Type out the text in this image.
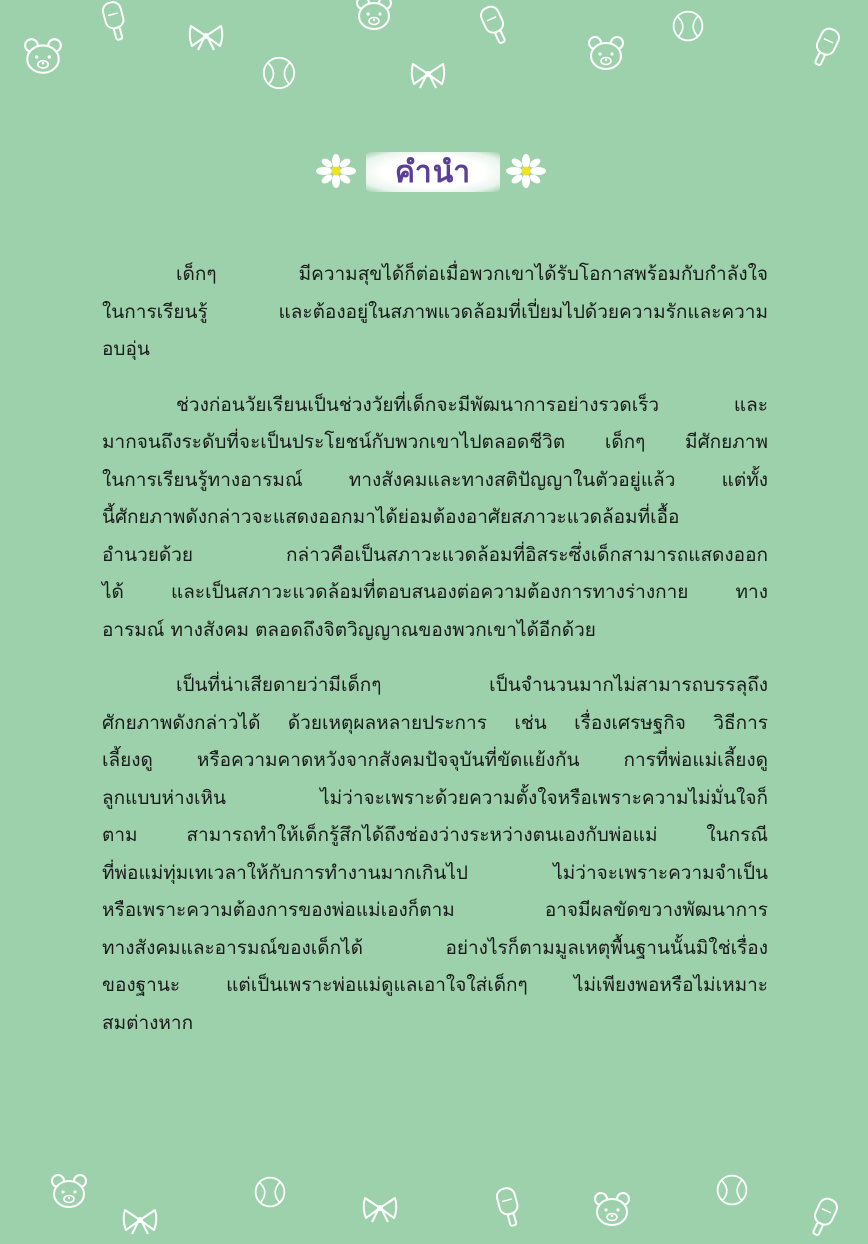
คำนำ
เด็กๆ มีความสุขได้ก็ต่อเมื่อพวกเขาได้รับโอกาสพร้อมกับกำลังใจ
ในการเรียนรู้ และต้องอยู่ในสภาพแวดล้อมที่เปี่ยมไปด้วยความรักและความ
อบอุ่น
ช่วงก่อนวัยเรียนเป็นช่วงวัยที่เด็กจะมีพัฒนาการอย่างรวดเร็ว และ
มากจนถึงระดับที่จะเป็นประโยชน์กับพวกเขาไปตลอดชีวิต เด็กๆ มีศักยภาพ
ในการเรียนรู้ทางอารมณ์ ทางสังคมและทางสติปัญญาในตัวอยู่แล้ว แต่ทั้ง
นี้ศักยภาพดังกล่าวจะแสดงออกมาได้ย่อมต้องอาศัยสภาวะแวดล้อมที่เอื้อ
อำนวยด้วย กล่าวคือเป็นสภาวะแวดล้อมที่อิสระซึ่งเด็กสามารถแสดงออก
ได้ และเป็นสภาวะแวดล้อมที่ตอบสนองต่อความต้องการทางร่างกาย ทาง
อารมณ์ ทางสังคม ตลอดถึงจิตวิญญาณของพวกเขาได้อีกด้วย
เป็นที่น่าเสียดายว่ามีเด็กๆ เป็นจำนวนมากไม่สามารถบรรลุถึง
ศักยภาพดังกล่าวได้ ด้วยเหตุผลหลายประการ เช่น เรื่องเศรษฐกิจ วิธีการ
เลี้ยงดู หรือความคาดหวังจากสังคมปัจจุบันที่ขัดแย้งกัน การที่พ่อแม่เลี้ยงดู
ลูกแบบห่างเหิน ไม่ว่าจะเพราะด้วยความตั้งใจหรือเพราะความไม่มั่นใจก็
ตาม สามารถทำให้เด็กรู้สึกได้ถึงช่องว่างระหว่างตนเองกับพ่อแม่ ในกรณี
ที่พ่อแม่ทุ่มเทเวลาให้กับการทำงานมากเกินไป ไม่ว่าจะเพราะความจำเป็น
หรือเพราะความต้องการของพ่อแม่เองก็ตาม อาจมีผลขัดขวางพัฒนาการ
ทางสังคมและอารมณ์ของเด็กได้ อย่างไรก็ตามมูลเหตุพื้นฐานนั้นมิใช่เรื่อง
ของฐานะ แต่เป็นเพราะพ่อแม่ดูแลเอาใจใส่เด็กๆ ไม่เพียงพอหรือไม่เหมาะ
สมต่างหาก
